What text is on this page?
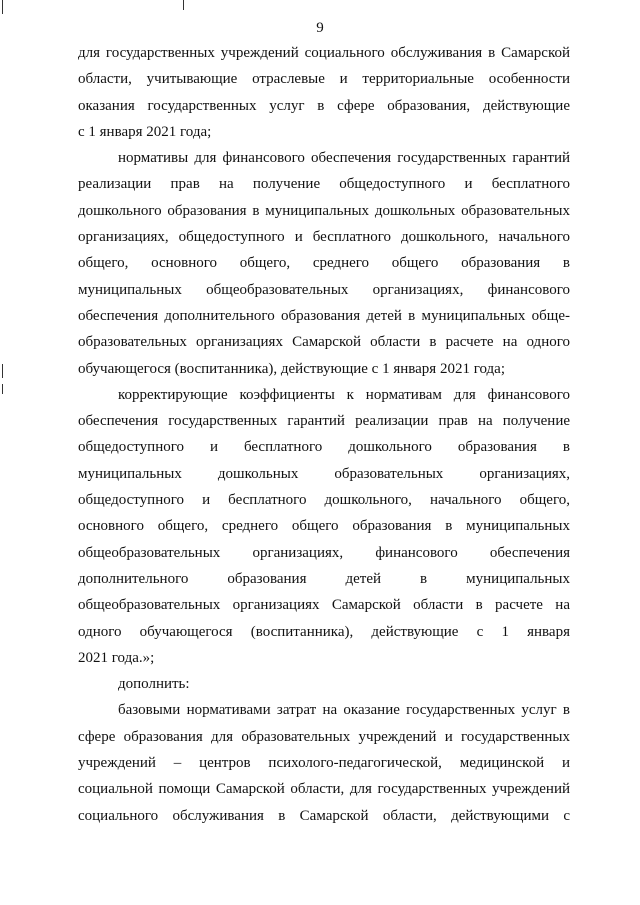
9

для государственных учреждений социального обслуживания в Самарской
области, учитывающие отраслевые и территориальные особенности
оказания государственных услуг в сфере образования, действующие
с 1 января 2021 года;

нормативы для финансового обеспечения государственных гарантий
реализации прав на получение общедоступного и бесплатного
дошкольного образования в муниципальных дошкольных образовательных
организациях, общедоступного и бесплатного дошкольного, начального
общего, основного общего, среднего общего образования в
муниципальных общеобразовательных организациях, финансового
обеспечения дополнительного образования детей в муниципальных обще-
образовательных организациях Самарской области в расчете на одного
обучающегося (воспитанника), действующие с 1 января 2021 года;

корректирующие коэффициенты к нормативам для финансового
обеспечения государственных гарантий реализации прав на получение
общедоступного и бесплатного дошкольного образования в
муниципальных дошкольных образовательных организациях,
общедоступного и бесплатного дошкольного, начального общего,
основного общего, среднего общего образования в муниципальных
общеобразовательных организациях, финансового обеспечения
дополнительного образования детей в муниципальных
общеобразовательных организациях Самарской области в расчете на
одного обучающегося (воспитанника), действующие с 1 января
2021 года.»;

дополнить:

базовыми нормативами затрат на оказание государственных услуг в
сфере образования для образовательных учреждений и государственных
учреждений – центров психолого-педагогической, медицинской и
социальной помощи Самарской области, для государственных учреждений
социального обслуживания в Самарской области, действующими с
